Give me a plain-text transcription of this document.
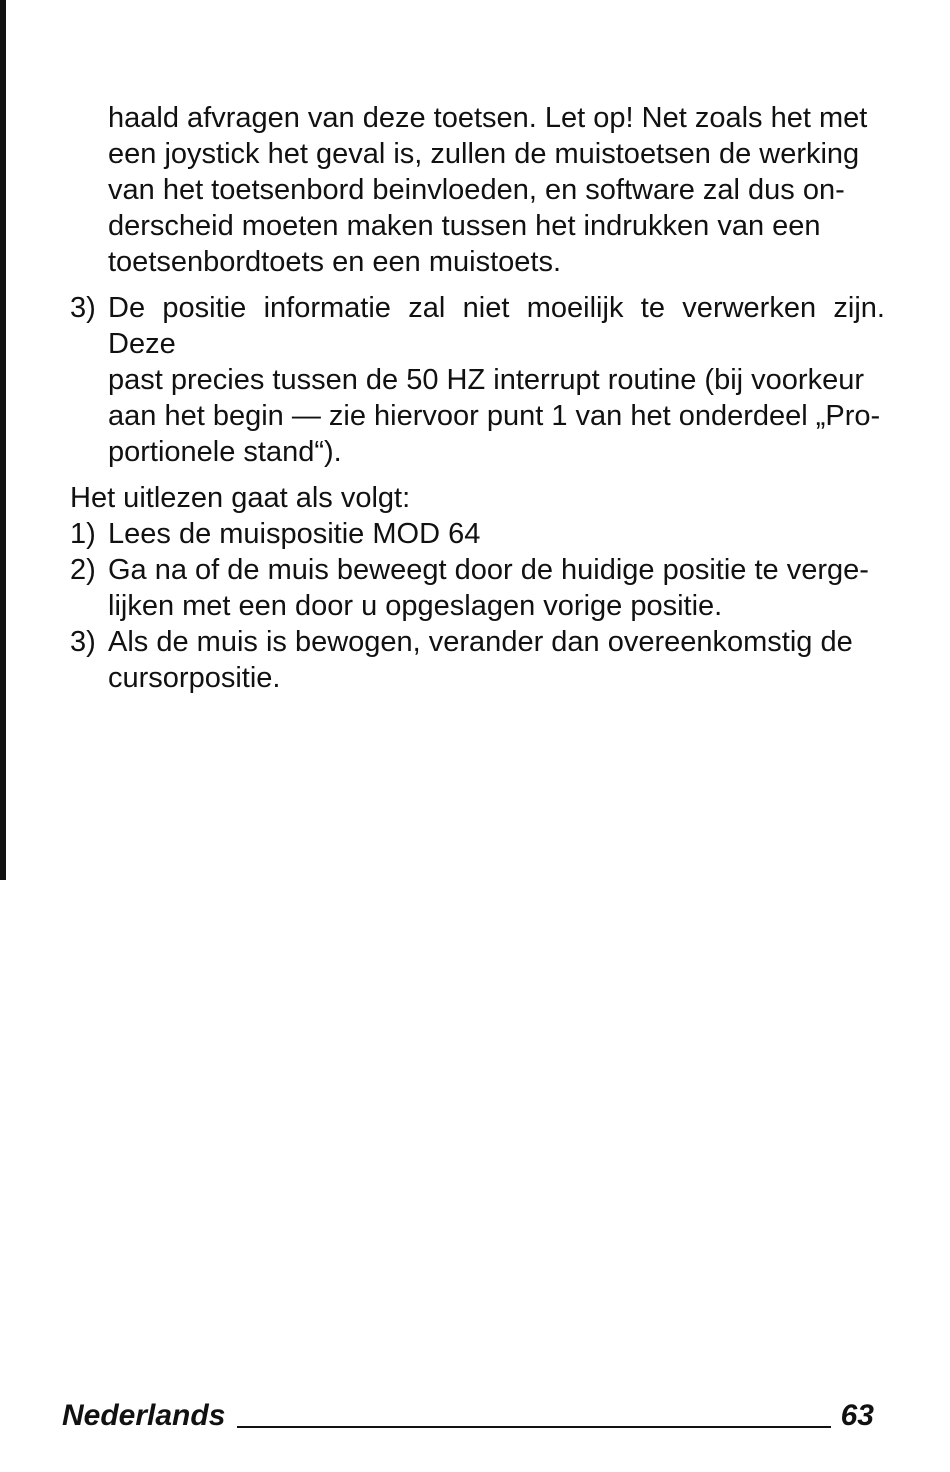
haald afvragen van deze toetsen. Let op! Net zoals het met
een joystick het geval is, zullen de muistoetsen de werking
van het toetsenbord beinvloeden, en software zal dus on-
derscheid moeten maken tussen het indrukken van een
toetsenbordtoets en een muistoets.
3) De positie informatie zal niet moeilijk te verwerken zijn. Deze
past precies tussen de 50 HZ interrupt routine (bij voorkeur
aan het begin — zie hiervoor punt 1 van het onderdeel „Pro-
portionele stand“).

Het uitlezen gaat als volgt:

1) Lees de muispositie MOD 64
2) Ga na of de muis beweegt door de huidige positie te verge-
lijken met een door u opgeslagen vorige positie.
3) Als de muis is bewogen, verander dan overeenkomstig de
cursorpositie.
Nederlands	63
